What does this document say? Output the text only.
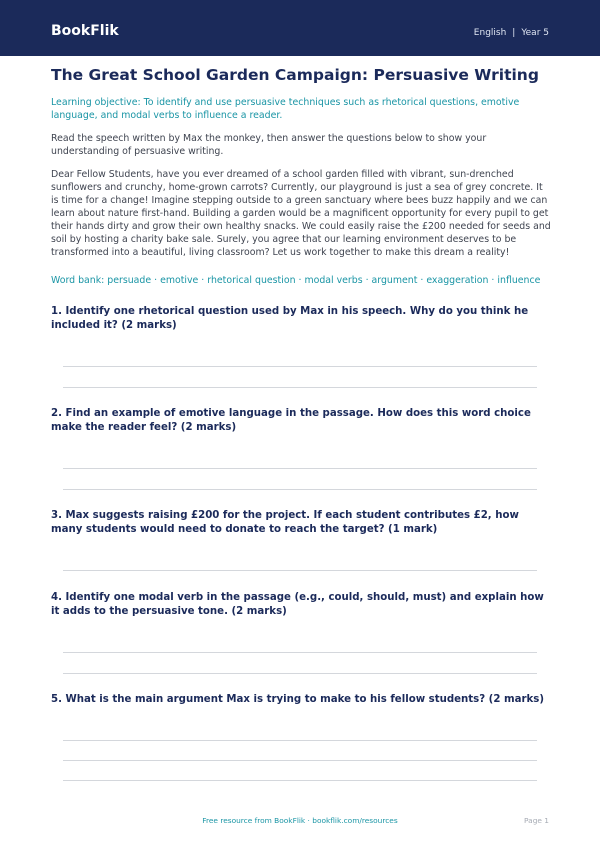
BookFlik	English | Year 5
The Great School Garden Campaign: Persuasive Writing

Learning objective: To identify and use persuasive techniques such as rhetorical questions, emotive language, and modal verbs to influence a reader.

Read the speech written by Max the monkey, then answer the questions below to show your understanding of persuasive writing.

Dear Fellow Students, have you ever dreamed of a school garden filled with vibrant, sun-drenched sunflowers and crunchy, home-grown carrots? Currently, our playground is just a sea of grey concrete. It is time for a change! Imagine stepping outside to a green sanctuary where bees buzz happily and we can learn about nature first-hand. Building a garden would be a magnificent opportunity for every pupil to get their hands dirty and grow their own healthy snacks. We could easily raise the £200 needed for seeds and soil by hosting a charity bake sale. Surely, you agree that our learning environment deserves to be transformed into a beautiful, living classroom? Let us work together to make this dream a reality!

Word bank: persuade · emotive · rhetorical question · modal verbs · argument · exaggeration · influence

1. Identify one rhetorical question used by Max in his speech. Why do you think he included it? (2 marks)
2. Find an example of emotive language in the passage. How does this word choice make the reader feel? (2 marks)
3. Max suggests raising £200 for the project. If each student contributes £2, how many students would need to donate to reach the target? (1 mark)
4. Identify one modal verb in the passage (e.g., could, should, must) and explain how it adds to the persuasive tone. (2 marks)
5. What is the main argument Max is trying to make to his fellow students? (2 marks)
Free resource from BookFlik · bookflik.com/resources	Page 1
